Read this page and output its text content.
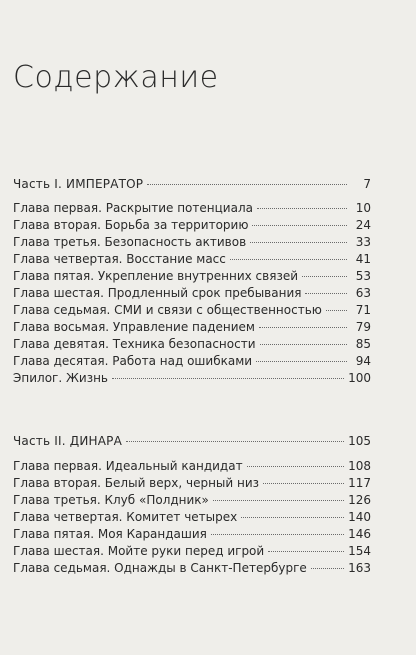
Содержание
Часть I. ИМПЕРАТОР	7
Глава первая. Раскрытие потенциала	10
Глава вторая. Борьба за территорию	24
Глава третья. Безопасность активов	33
Глава четвертая. Восстание масс	41
Глава пятая. Укрепление внутренних связей	53
Глава шестая. Продленный срок пребывания	63
Глава седьмая. СМИ и связи с общественностью	71
Глава восьмая. Управление падением	79
Глава девятая. Техника безопасности	85
Глава десятая. Работа над ошибками	94
Эпилог. Жизнь	100
Часть II. ДИНАРА	105
Глава первая. Идеальный кандидат	108
Глава вторая. Белый верх, черный низ	117
Глава третья. Клуб «Полдник»	126
Глава четвертая. Комитет четырех	140
Глава пятая. Моя Карандашия	146
Глава шестая. Мойте руки перед игрой	154
Глава седьмая. Однажды в Санкт-Петербурге	163
